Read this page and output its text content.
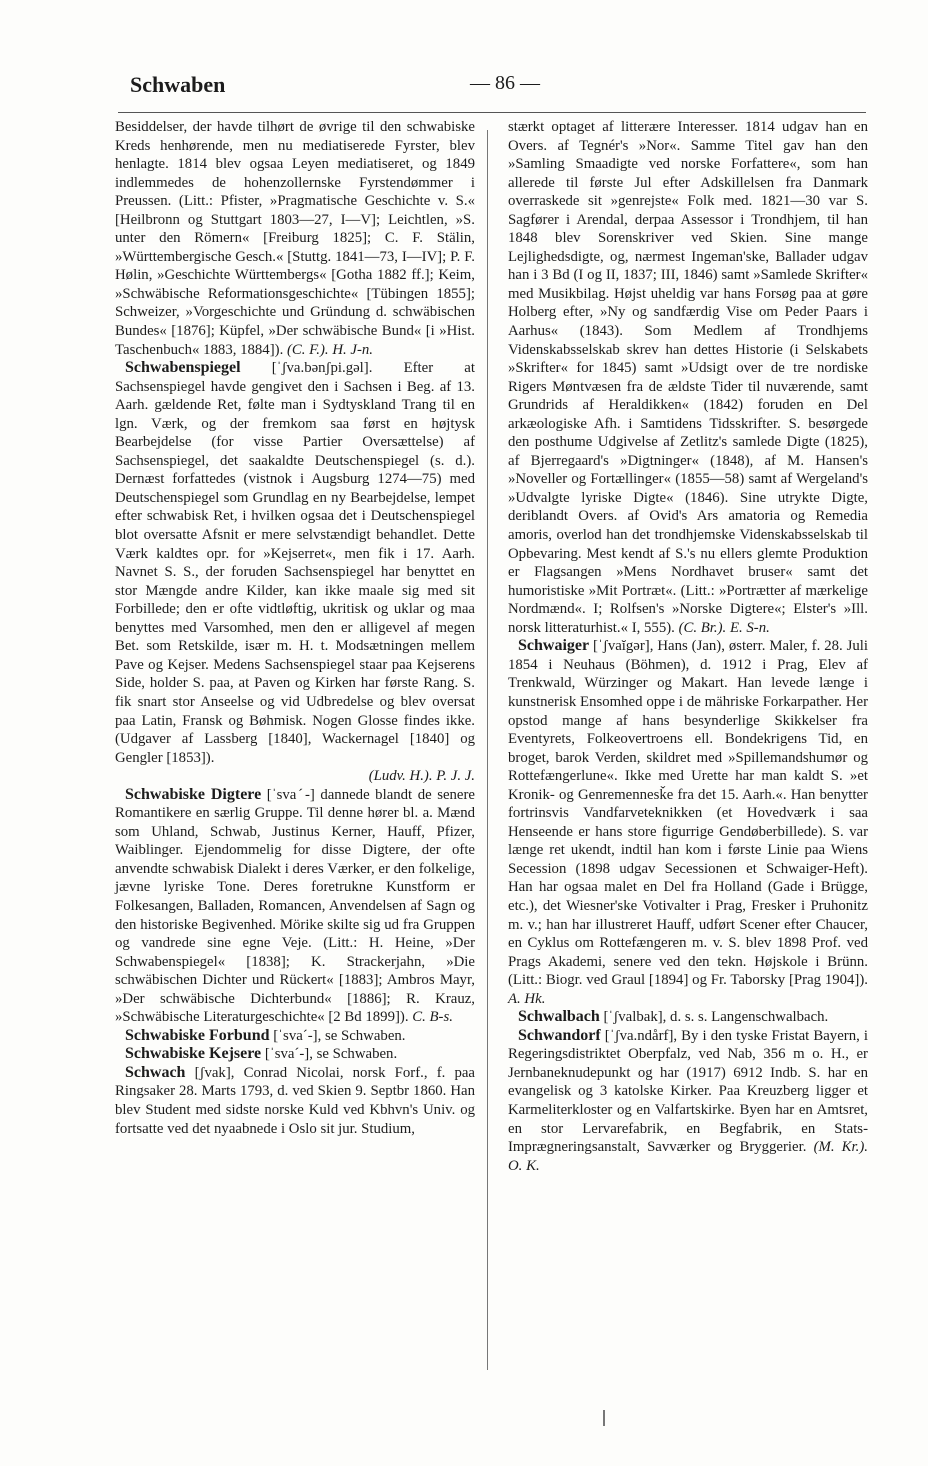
Schwaben	— 86 —

Besiddelser, der havde tilhørt de øvrige til den schwabiske Kreds henhørende, men nu mediatiserede Fyrster, blev henlagte. 1814 blev ogsaa Leyen mediatiseret, og 1849 indlemmedes de hohenzollernske Fyrstendømmer i Preussen. (Litt.: Pfister, »Pragmatische Geschichte v. S.« [Heilbronn og Stuttgart 1803—27, I—V]; Leichtlen, »S. unter den Römern« [Freiburg 1825]; C. F. Stälin, »Württembergische Gesch.« [Stuttg. 1841—73, I—IV]; P. F. Hølin, »Geschichte Württembergs« [Gotha 1882 ff.]; Keim, »Schwäbische Reformationsgeschichte« [Tübingen 1855]; Schweizer, »Vorgeschichte und Gründung d. schwäbischen Bundes« [1876]; Küpfel, »Der schwäbische Bund« [i »Hist. Taschenbuch« 1883, 1884]). (C. F.). H. J-n.

Schwabenspiegel [ˈʃva.bənʃpi.gəl]. Efter at Sachsenspiegel havde gengivet den i Sachsen i Beg. af 13. Aarh. gældende Ret, følte man i Sydtyskland Trang til en lgn. Værk, og der fremkom saa først en højtysk Bearbejdelse (for visse Partier Oversættelse) af Sachsenspiegel, det saakaldte Deutschenspiegel (s. d.). Dernæst forfattedes (vistnok i Augsburg 1274—75) med Deutschenspiegel som Grundlag en ny Bearbejdelse, lempet efter schwabisk Ret, i hvilken ogsaa det i Deutschenspiegel blot oversatte Afsnit er mere selvstændigt behandlet. Dette Værk kaldtes opr. for »Kejserret«, men fik i 17. Aarh. Navnet S. S., der foruden Sachsenspiegel har benyttet en stor Mængde andre Kilder, kan ikke maale sig med sit Forbillede; den er ofte vidtløftig, ukritisk og uklar og maa benyttes med Varsomhed, men den er alligevel af megen Bet. som Retskilde, især m. H. t. Modsætningen mellem Pave og Kejser. Medens Sachsenspiegel staar paa Kejserens Side, holder S. paa, at Paven og Kirken har første Rang. S. fik snart stor Anseelse og vid Udbredelse og blev oversat paa Latin, Fransk og Bøhmisk. Nogen Glosse findes ikke. (Udgaver af Lassberg [1840], Wackernagel [1840] og Gengler [1853]).

(Ludv. H.). P. J. J.

Schwabiske Digtere [ˈsvaˊ-] dannede blandt de senere Romantikere en særlig Gruppe. Til denne hører bl. a. Mænd som Uhland, Schwab, Justinus Kerner, Hauff, Pfizer, Waiblinger. Ejendommelig for disse Digtere, der ofte anvendte schwabisk Dialekt i deres Værker, er den folkelige, jævne lyriske Tone. Deres foretrukne Kunstform er Folkesangen, Balladen, Romancen, Anvendelsen af Sagn og den historiske Begivenhed. Mörike skilte sig ud fra Gruppen og vandrede sine egne Veje. (Litt.: H. Heine, »Der Schwabenspiegel« [1838]; K. Strackerjahn, »Die schwäbischen Dichter und Rückert« [1883]; Ambros Mayr, »Der schwäbische Dichterbund« [1886]; R. Krauz, »Schwäbische Literaturgeschichte« [2 Bd 1899]). C. B-s.

Schwabiske Forbund [ˈsvaˊ-], se Schwaben.

Schwabiske Kejsere [ˈsvaˊ-], se Schwaben.

Schwach [ʃvak], Conrad Nicolai, norsk Forf., f. paa Ringsaker 28. Marts 1793, d. ved Skien 9. Septbr 1860. Han blev Student med sidste norske Kuld ved Kbhvn's Univ. og fortsatte ved det nyaabnede i Oslo sit jur. Studium,

stærkt optaget af litterære Interesser. 1814 udgav han en Overs. af Tegnér's »Nor«. Samme Titel gav han den »Samling Smaadigte ved norske Forfattere«, som han allerede til første Jul efter Adskillelsen fra Danmark overraskede sit »genrejste« Folk med. 1821—30 var S. Sagfører i Arendal, derpaa Assessor i Trondhjem, til han 1848 blev Sorenskriver ved Skien. Sine mange Lejlighedsdigte, og, nærmest Ingeman'ske, Ballader udgav han i 3 Bd (I og II, 1837; III, 1846) samt »Samlede Skrifter« med Musikbilag. Højst uheldig var hans Forsøg paa at gøre Holberg efter, »Ny og sandfærdig Vise om Peder Paars i Aarhus« (1843). Som Medlem af Trondhjems Videnskabsselskab skrev han dettes Historie (i Selskabets »Skrifter« for 1845) samt »Udsigt over de tre nordiske Rigers Møntvæsen fra de ældste Tider til nuværende, samt Grundrids af Heraldikken« (1842) foruden en Del arkæologiske Afh. i Samtidens Tidsskrifter. S. besørgede den posthume Udgivelse af Zetlitz's samlede Digte (1825), af Bjerregaard's »Digtninger« (1848), af M. Hansen's »Noveller og Fortællinger« (1855—58) samt af Wergeland's »Udvalgte lyriske Digte« (1846). Sine utrykte Digte, deriblandt Overs. af Ovid's Ars amatoria og Remedia amoris, overlod han det trondhjemske Videnskabsselskab til Opbevaring. Mest kendt af S.'s nu ellers glemte Produktion er Flagsangen »Mens Nordhavet bruser« samt det humoristiske »Mit Portræt«. (Litt.: »Portrætter af mærkelige Nordmænd«. I; Rolfsen's »Norske Digtere«; Elster's »Ill. norsk litteraturhist.« I, 555). (C. Br.). E. S-n.

Schwaiger [ˈʃvaĭgər], Hans (Jan), østerr. Maler, f. 28. Juli 1854 i Neuhaus (Böhmen), d. 1912 i Prag, Elev af Trenkwald, Würzinger og Makart. Han levede længe i kunstnerisk Ensomhed oppe i de mähriske Forkarpather. Her opstod mange af hans besynderlige Skikkelser fra Eventyrets, Folkeovertroens ell. Bondekrigens Tid, en broget, barok Verden, skildret med »Spillemandshumør og Rottefængerlune«. Ikke med Urette har man kaldt S. »et Kronik- og Genremennesǩe fra det 15. Aarh.«. Han benytter fortrinsvis Vandfarveteknikken (et Hovedværk i saa Henseende er hans store figurrige Gendøberbillede). S. var længe ret ukendt, indtil han kom i første Linie paa Wiens Secession (1898 udgav Secessionen et Schwaiger-Heft). Han har ogsaa malet en Del fra Holland (Gade i Brügge, etc.), det Wiesner'ske Votivalter i Prag, Fresker i Pruhonitz m. v.; han har illustreret Hauff, udført Scener efter Chaucer, en Cyklus om Rottefængeren m. v. S. blev 1898 Prof. ved Prags Akademi, senere ved den tekn. Højskole i Brünn. (Litt.: Biogr. ved Graul [1894] og Fr. Taborsky [Prag 1904]). A. Hk.

Schwalbach [ˈʃvalbak], d. s. s. Langenschwalbach.

Schwandorf [ˈʃva.ndårf], By i den tyske Fristat Bayern, i Regeringsdistriktet Oberpfalz, ved Nab, 356 m o. H., er Jernbaneknudepunkt og har (1917) 6912 Indb. S. har en evangelisk og 3 katolske Kirker. Paa Kreuzberg ligger et Karmeliterkloster og en Valfartskirke. Byen har en Amtsret, en stor Lervarefabrik, en Begfabrik, en Stats-Imprægneringsanstalt, Savværker og Bryggerier. (M. Kr.). O. K.
